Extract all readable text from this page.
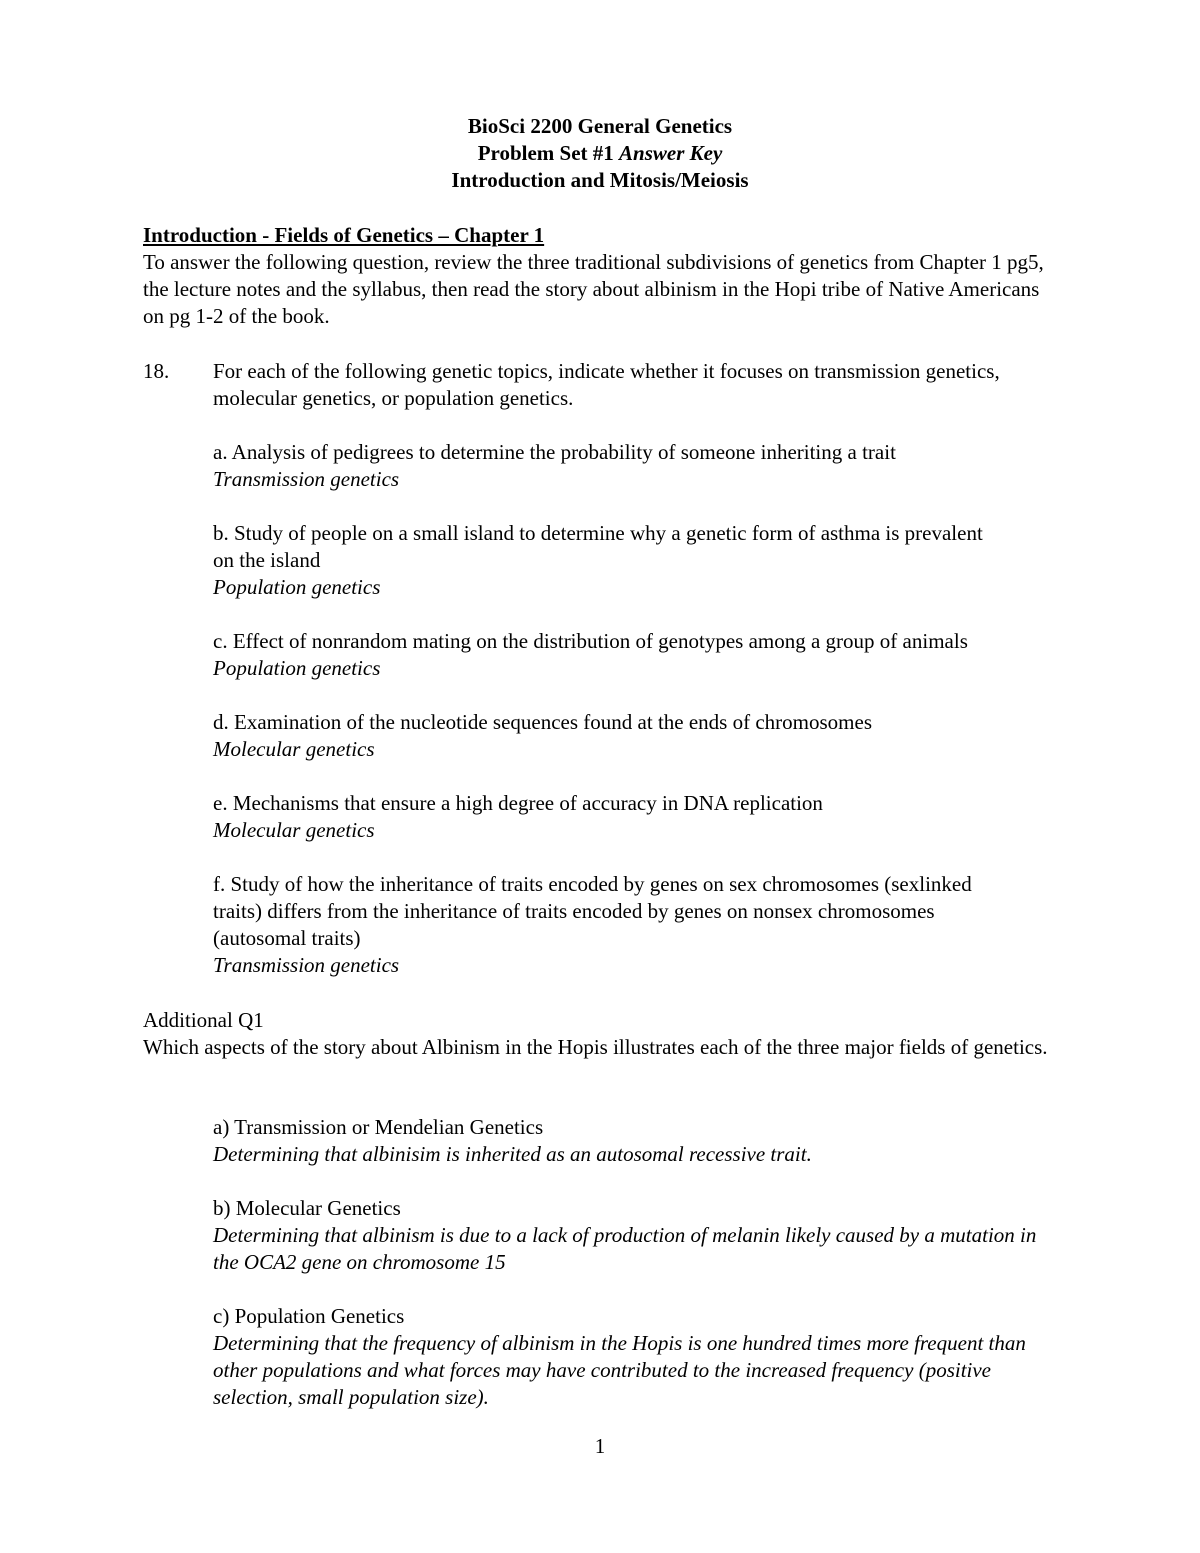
BioSci 2200 General Genetics
Problem Set #1 Answer Key
Introduction and Mitosis/Meiosis
Introduction - Fields of Genetics – Chapter 1
To answer the following question, review the three traditional subdivisions of genetics from Chapter 1 pg5, the lecture notes and the syllabus, then read the story about albinism in the Hopi tribe of Native Americans on pg 1-2 of the book.
18. For each of the following genetic topics, indicate whether it focuses on transmission genetics, molecular genetics, or population genetics.
a. Analysis of pedigrees to determine the probability of someone inheriting a trait
Transmission genetics
b. Study of people on a small island to determine why a genetic form of asthma is prevalent on the island
Population genetics
c. Effect of nonrandom mating on the distribution of genotypes among a group of animals
Population genetics
d. Examination of the nucleotide sequences found at the ends of chromosomes
Molecular genetics
e. Mechanisms that ensure a high degree of accuracy in DNA replication
Molecular genetics
f. Study of how the inheritance of traits encoded by genes on sex chromosomes (sexlinked traits) differs from the inheritance of traits encoded by genes on nonsex chromosomes (autosomal traits)
Transmission genetics
Additional Q1
Which aspects of the story about Albinism in the Hopis illustrates each of the three major fields of genetics.
a) Transmission or Mendelian Genetics
Determining that albinisim is inherited as an autosomal recessive trait.
b) Molecular Genetics
Determining that albinism is due to a lack of production of melanin likely caused by a mutation in the OCA2 gene on chromosome 15
c) Population Genetics
Determining that the frequency of albinism in the Hopis is one hundred times more frequent than other populations and what forces may have contributed to the increased frequency (positive selection, small population size).
1
